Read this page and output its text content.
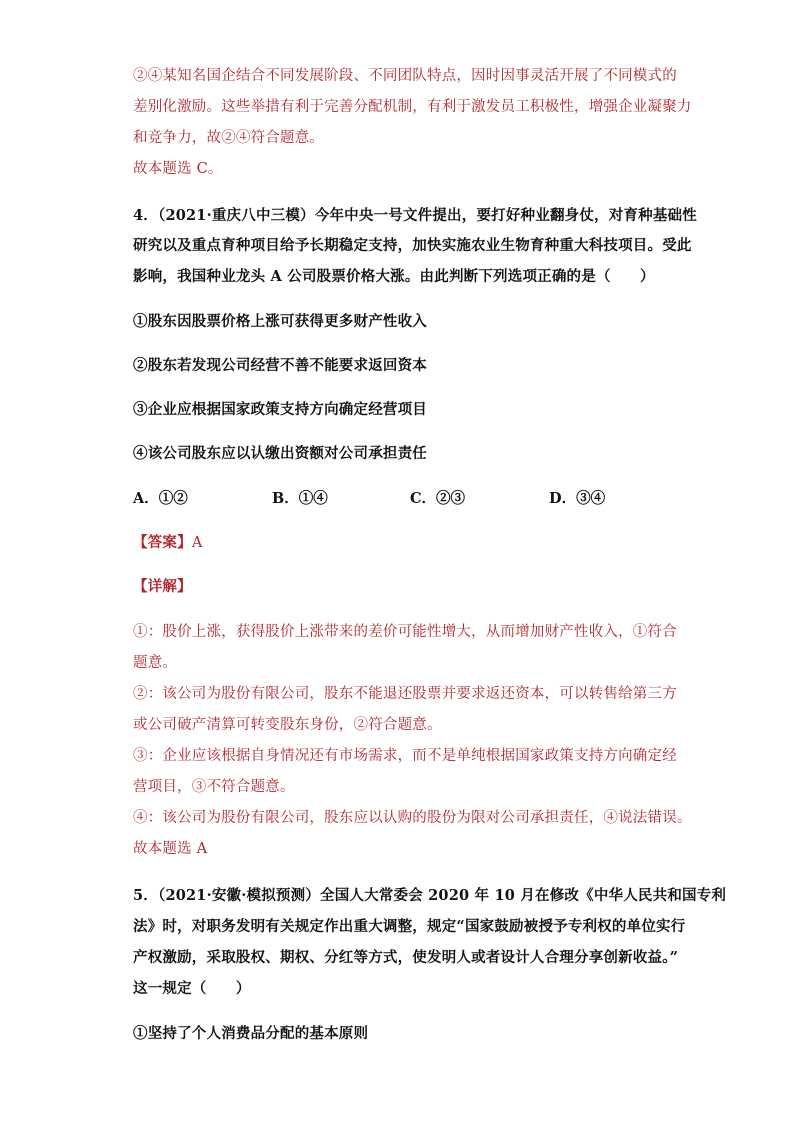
②④某知名国企结合不同发展阶段、不同团队特点，因时因事灵活开展了不同模式的
差别化激励。这些举措有利于完善分配机制，有利于激发员工积极性，增强企业凝聚力
和竞争力，故②④符合题意。
故本题选 C。
4．（2021·重庆八中三模）今年中央一号文件提出，要打好种业翻身仗，对育种基础性
研究以及重点育种项目给予长期稳定支持，加快实施农业生物育种重大科技项目。受此
影响，我国种业龙头 A 公司股票价格大涨。由此判断下列选项正确的是（　　）
①股东因股票价格上涨可获得更多财产性收入
②股东若发现公司经营不善不能要求返回资本
③企业应根据国家政策支持方向确定经营项目
④该公司股东应以认缴出资额对公司承担责任
A．①②	B．①④	C．②③	D．③④
【答案】A
【详解】
①：股价上涨，获得股价上涨带来的差价可能性增大，从而增加财产性收入，①符合
题意。
②：该公司为股份有限公司，股东不能退还股票并要求返还资本，可以转售给第三方
或公司破产清算可转变股东身份，②符合题意。
③：企业应该根据自身情况还有市场需求，而不是单纯根据国家政策支持方向确定经
营项目，③不符合题意。
④：该公司为股份有限公司，股东应以认购的股份为限对公司承担责任，④说法错误。
故本题选 A
5．（2021·安徽·模拟预测）全国人大常委会 2020 年 10 月在修改《中华人民共和国专利
法》时，对职务发明有关规定作出重大调整，规定“国家鼓励被授予专利权的单位实行
产权激励，采取股权、期权、分红等方式，使发明人或者设计人合理分享创新收益。”
这一规定（　　）
①坚持了个人消费品分配的基本原则
